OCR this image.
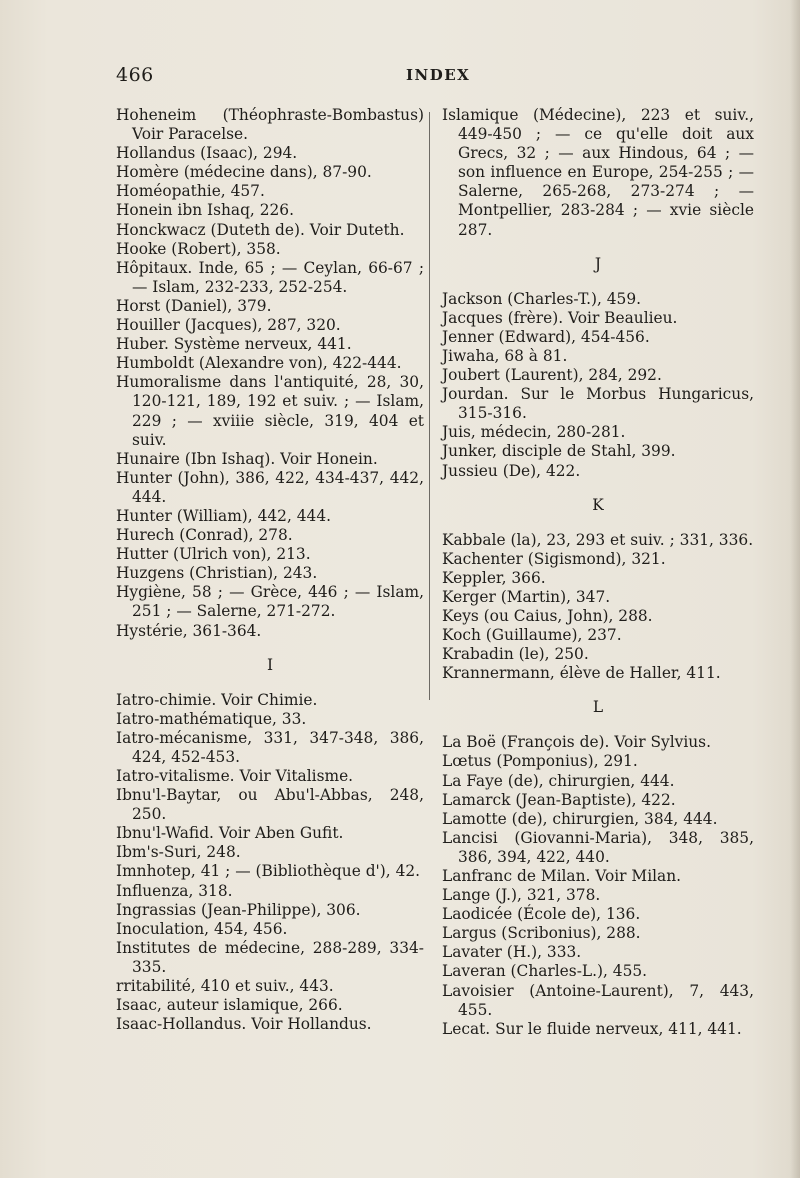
466	INDEX

Hoheneim (Théophraste-Bombastus) Voir Paracelse.

Hollandus (Isaac), 294.

Homère (médecine dans), 87-90.

Homéopathie, 457.

Honein ibn Ishaq, 226.

Honckwacz (Duteth de). Voir Duteth.

Hooke (Robert), 358.

Hôpitaux. Inde, 65 ; — Ceylan, 66-67 ; — Islam, 232-233, 252-254.

Horst (Daniel), 379.

Houiller (Jacques), 287, 320.

Huber. Système nerveux, 441.

Humboldt (Alexandre von), 422-444.

Humoralisme dans l'antiquité, 28, 30, 120-121, 189, 192 et suiv. ; — Islam, 229 ; — xviiie siècle, 319, 404 et suiv.

Hunaire (Ibn Ishaq). Voir Honein.

Hunter (John), 386, 422, 434-437, 442, 444.

Hunter (William), 442, 444.

Hurech (Conrad), 278.

Hutter (Ulrich von), 213.

Huzgens (Christian), 243.

Hygiène, 58 ; — Grèce, 446 ; — Islam, 251 ; — Salerne, 271-272.

Hystérie, 361-364.

I

Iatro-chimie. Voir Chimie.

Iatro-mathématique, 33.

Iatro-mécanisme, 331, 347-348, 386, 424, 452-453.

Iatro-vitalisme. Voir Vitalisme.

Ibnu'l-Baytar, ou Abu'l-Abbas, 248, 250.

Ibnu'l-Wafid. Voir Aben Gufit.

Ibm's-Suri, 248.

Imnhotep, 41 ; — (Bibliothèque d'), 42.

Influenza, 318.

Ingrassias (Jean-Philippe), 306.

Inoculation, 454, 456.

Institutes de médecine, 288-289, 334-335.

rritabilité, 410 et suiv., 443.

Isaac, auteur islamique, 266.

Isaac-Hollandus. Voir Hollandus.

Islamique (Médecine), 223 et suiv., 449-450 ; — ce qu'elle doit aux Grecs, 32 ; — aux Hindous, 64 ; — son influence en Europe, 254-255 ; — Salerne, 265-268, 273-274 ; — Montpellier, 283-284 ; — xvie siècle 287.

J

Jackson (Charles-T.), 459.

Jacques (frère). Voir Beaulieu.

Jenner (Edward), 454-456.

Jiwaha, 68 à 81.

Joubert (Laurent), 284, 292.

Jourdan. Sur le Morbus Hungaricus, 315-316.

Juis, médecin, 280-281.

Junker, disciple de Stahl, 399.

Jussieu (De), 422.

K

Kabbale (la), 23, 293 et suiv. ; 331, 336.

Kachenter (Sigismond), 321.

Keppler, 366.

Kerger (Martin), 347.

Keys (ou Caius, John), 288.

Koch (Guillaume), 237.

Krabadin (le), 250.

Krannermann, élève de Haller, 411.

L

La Boë (François de). Voir Sylvius.

Lœtus (Pomponius), 291.

La Faye (de), chirurgien, 444.

Lamarck (Jean-Baptiste), 422.

Lamotte (de), chirurgien, 384, 444.

Lancisi (Giovanni-Maria), 348, 385, 386, 394, 422, 440.

Lanfranc de Milan. Voir Milan.

Lange (J.), 321, 378.

Laodicée (École de), 136.

Largus (Scribonius), 288.

Lavater (H.), 333.

Laveran (Charles-L.), 455.

Lavoisier (Antoine-Laurent), 7, 443, 455.

Lecat. Sur le fluide nerveux, 411, 441.
